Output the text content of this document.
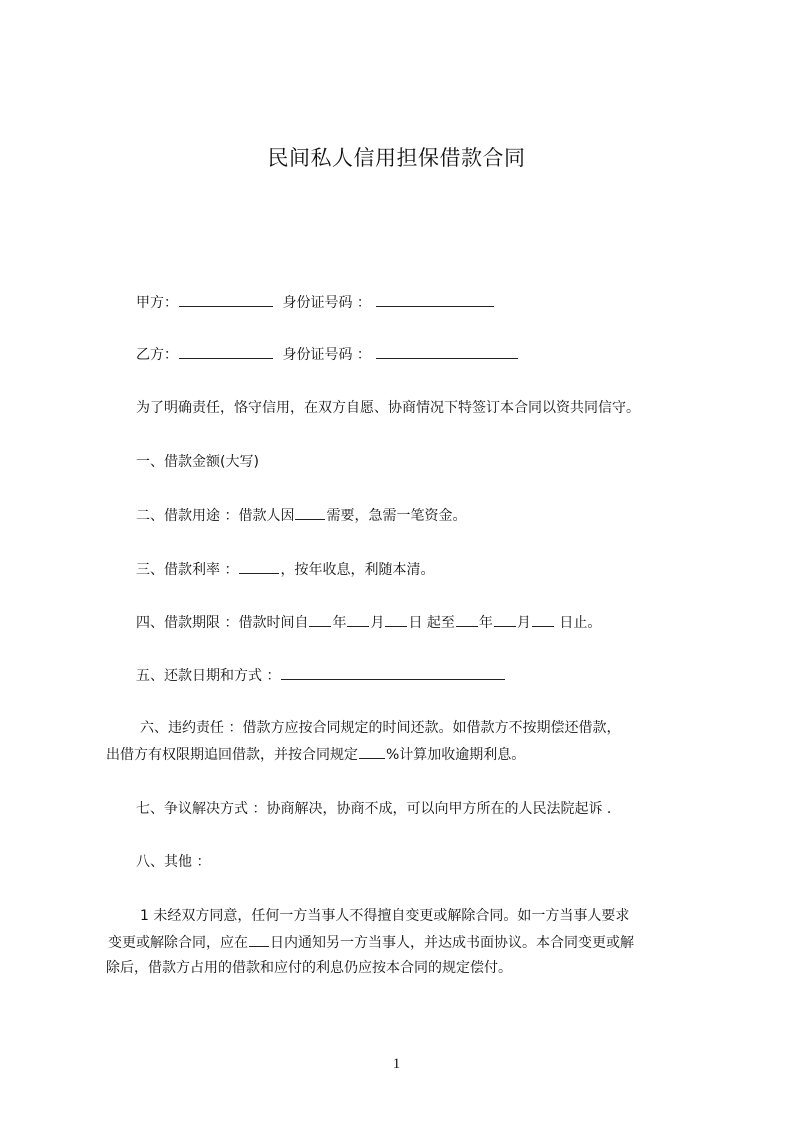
民间私人信用担保借款合同
甲方：	身份证号码 ：
乙方：	身份证号码 ：
为了明确责任，恪守信用，在双方自愿、协商情况下特签订本合同以资共同信守。
一、借款金额(大写)
二、借款用途 ：借款人因 需要，急需一笔资金。
三、借款利率 ：	，按年收息，利随本清。
四、借款期限 ：借款时间自 年 月 日 起至 年 月 日止。
五、还款日期和方式 ：
六、违约责任 ：借款方应按合同规定的时间还款。如借款方不按期偿还借款，
出借方有权限期追回借款，并按合同规定 %计算加收逾期利息。
七、争议解决方式 ：协商解决，协商不成，可以向甲方所在的人民法院起诉 .
八、其他 ：
1 未经双方同意，任何一方当事人不得擅自变更或解除合同。如一方当事人要求
变更或解除合同，应在 日内通知另一方当事人，并达成书面协议。本合同变更或解
除后，借款方占用的借款和应付的利息仍应按本合同的规定偿付。
1
